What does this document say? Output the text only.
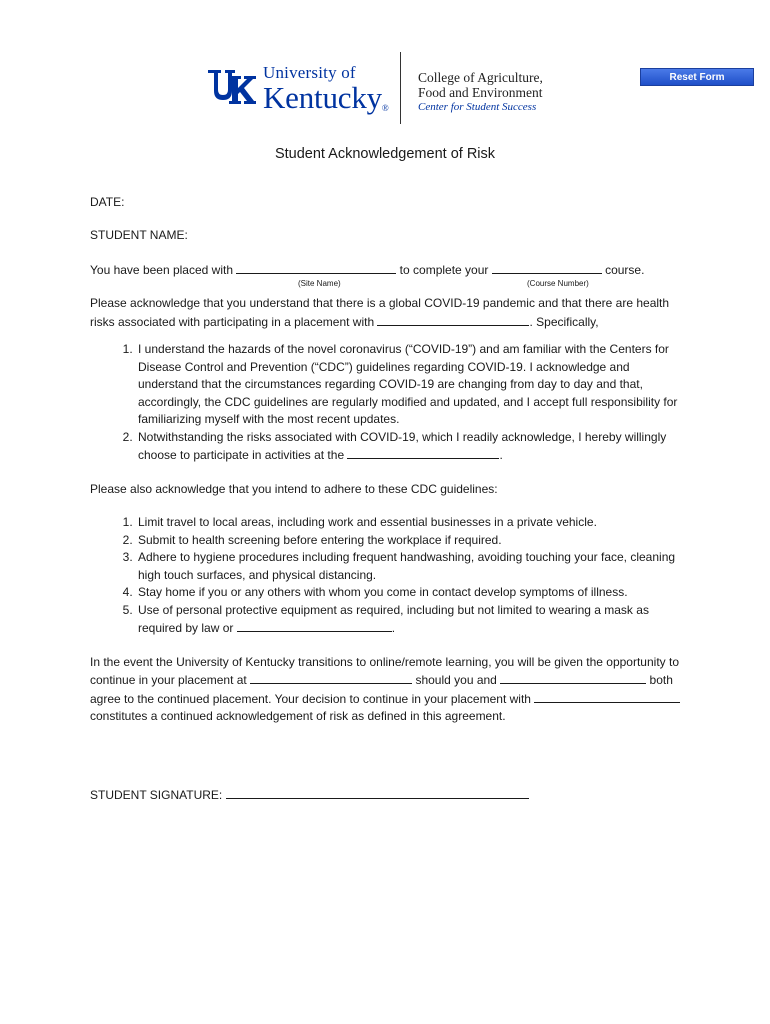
University of
Kentucky®
College of Agriculture,
Food and Environment
Center for Student Success
Reset Form
Student Acknowledgement of Risk

DATE:

STUDENT NAME:

You have been placed with	to complete your	course.

(Site Name)	(Course Number)

Please acknowledge that you understand that there is a global COVID-19 pandemic and that there are health risks associated with participating in a placement with	. Specifically,

1. I understand the hazards of the novel coronavirus (“COVID-19”) and am familiar with the Centers for Disease Control and Prevention (“CDC”) guidelines regarding COVID-19. I acknowledge and understand that the circumstances regarding COVID-19 are changing from day to day and that, accordingly, the CDC guidelines are regularly modified and updated, and I accept full responsibility for familiarizing myself with the most recent updates.
2. Notwithstanding the risks associated with COVID-19, which I readily acknowledge, I hereby willingly choose to participate in activities at the	.

Please also acknowledge that you intend to adhere to these CDC guidelines:

1. Limit travel to local areas, including work and essential businesses in a private vehicle.
2. Submit to health screening before entering the workplace if required.
3. Adhere to hygiene procedures including frequent handwashing, avoiding touching your face, cleaning high touch surfaces, and physical distancing.
4. Stay home if you or any others with whom you come in contact develop symptoms of illness.
5. Use of personal protective equipment as required, including but not limited to wearing a mask as required by law or	.

In the event the University of Kentucky transitions to online/remote learning, you will be given the opportunity to continue in your placement at	should you and	both agree to the continued placement. Your decision to continue in your placement with  constitutes a continued acknowledgement of risk as defined in this agreement.

STUDENT SIGNATURE:
